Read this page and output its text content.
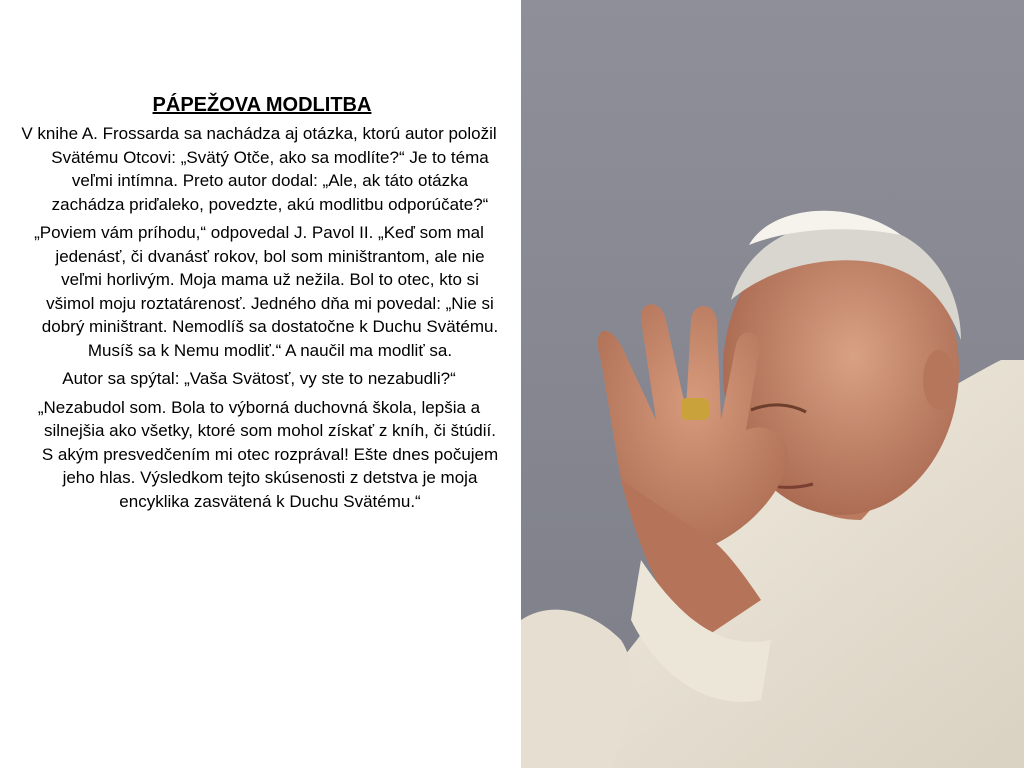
PÁPEŽOVA MODLITBA

V knihe A. Frossarda sa nachádza aj otázka, ktorú autor položil Svätému Otcovi: „Svätý Otče, ako sa modlíte?“ Je to téma veľmi intímna. Preto autor dodal: „Ale, ak táto otázka zachádza priďaleko, povedzte, akú modlitbu odporúčate?“

„Poviem vám príhodu,“ odpovedal J. Pavol II. „Keď som mal jedenásť, či dvanásť rokov, bol som miništrantom, ale nie veľmi horlivým. Moja mama už nežila. Bol to otec, kto si všimol moju roztatárenosť. Jedného dňa mi povedal: „Nie si dobrý miništrant. Nemodlíš sa dostatočne k Duchu Svätému. Musíš sa k Nemu modliť.“ A naučil ma modliť sa.

Autor sa spýtal: „Vaša Svätosť, vy ste to nezabudli?“

„Nezabudol som. Bola to výborná duchovná škola, lepšia a silnejšia ako všetky, ktoré som mohol získať z kníh, či štúdií. S akým presvedčením mi otec rozprával! Ešte dnes počujem jeho hlas. Výsledkom tejto skúsenosti z detstva je moja encyklika zasvätená k Duchu Svätému.“
